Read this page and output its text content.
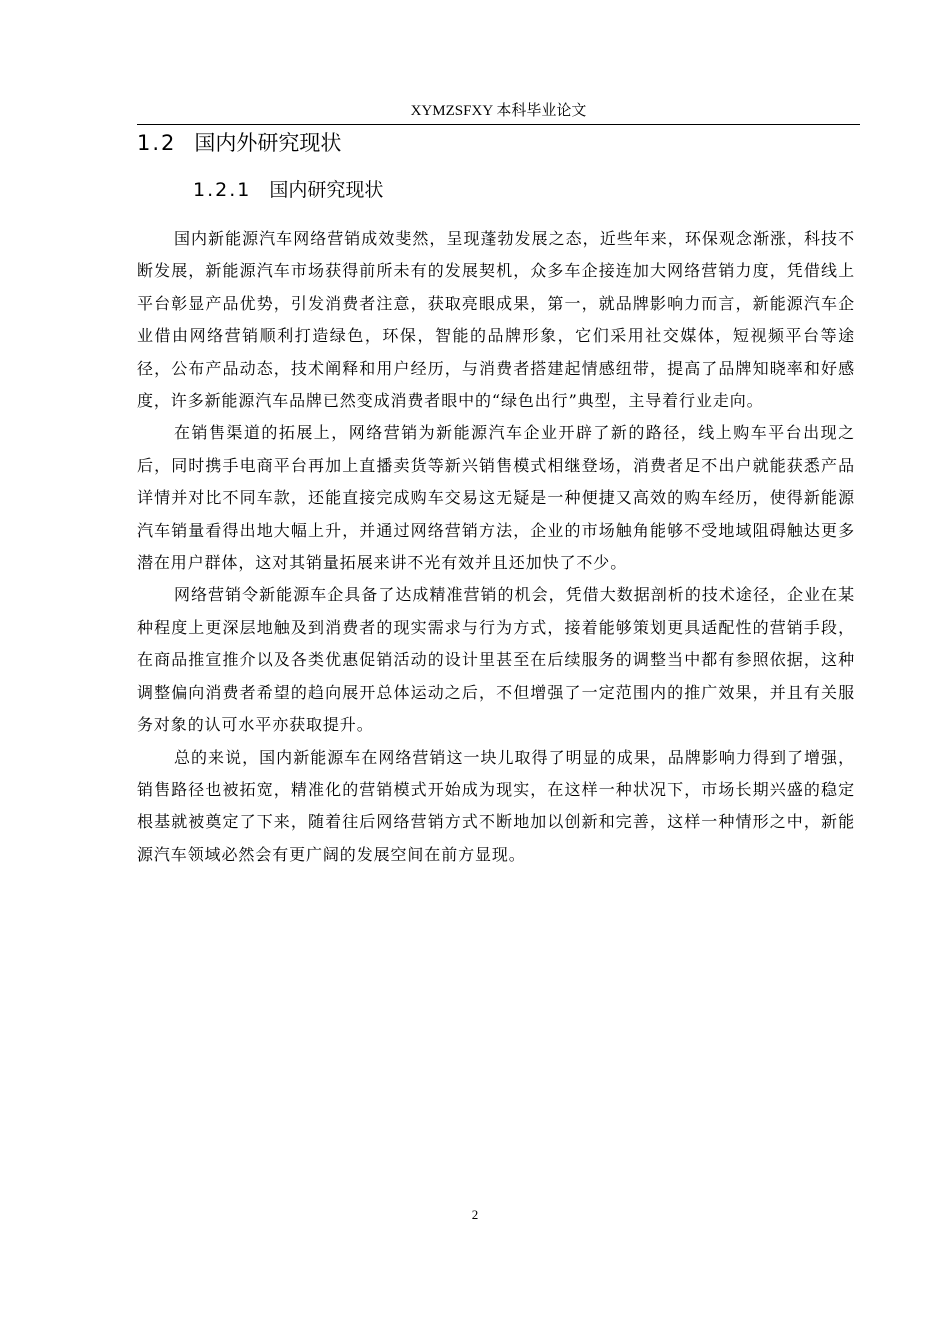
XYMZSFXY 本科毕业论文
1.2 国内外研究现状
1.2.1 国内研究现状

国内新能源汽车网络营销成效斐然，呈现蓬勃发展之态，近些年来，环保观念渐涨，科技不断发展，新能源汽车市场获得前所未有的发展契机，众多车企接连加大网络营销力度，凭借线上平台彰显产品优势，引发消费者注意，获取亮眼成果，第一，就品牌影响力而言，新能源汽车企业借由网络营销顺利打造绿色，环保，智能的品牌形象，它们采用社交媒体，短视频平台等途径，公布产品动态，技术阐释和用户经历，与消费者搭建起情感纽带，提高了品牌知晓率和好感度，许多新能源汽车品牌已然变成消费者眼中的“绿色出行”典型，主导着行业走向。

在销售渠道的拓展上，网络营销为新能源汽车企业开辟了新的路径，线上购车平台出现之后，同时携手电商平台再加上直播卖货等新兴销售模式相继登场，消费者足不出户就能获悉产品详情并对比不同车款，还能直接完成购车交易这无疑是一种便捷又高效的购车经历，使得新能源汽车销量看得出地大幅上升，并通过网络营销方法，企业的市场触角能够不受地域阻碍触达更多潜在用户群体，这对其销量拓展来讲不光有效并且还加快了不少。

网络营销令新能源车企具备了达成精准营销的机会，凭借大数据剖析的技术途径，企业在某种程度上更深层地触及到消费者的现实需求与行为方式，接着能够策划更具适配性的营销手段，在商品推宣推介以及各类优惠促销活动的设计里甚至在后续服务的调整当中都有参照依据，这种调整偏向消费者希望的趋向展开总体运动之后，不但增强了一定范围内的推广效果，并且有关服务对象的认可水平亦获取提升。

总的来说，国内新能源车在网络营销这一块儿取得了明显的成果，品牌影响力得到了增强，销售路径也被拓宽，精准化的营销模式开始成为现实，在这样一种状况下，市场长期兴盛的稳定根基就被奠定了下来，随着往后网络营销方式不断地加以创新和完善，这样一种情形之中，新能源汽车领域必然会有更广阔的发展空间在前方显现。

2
